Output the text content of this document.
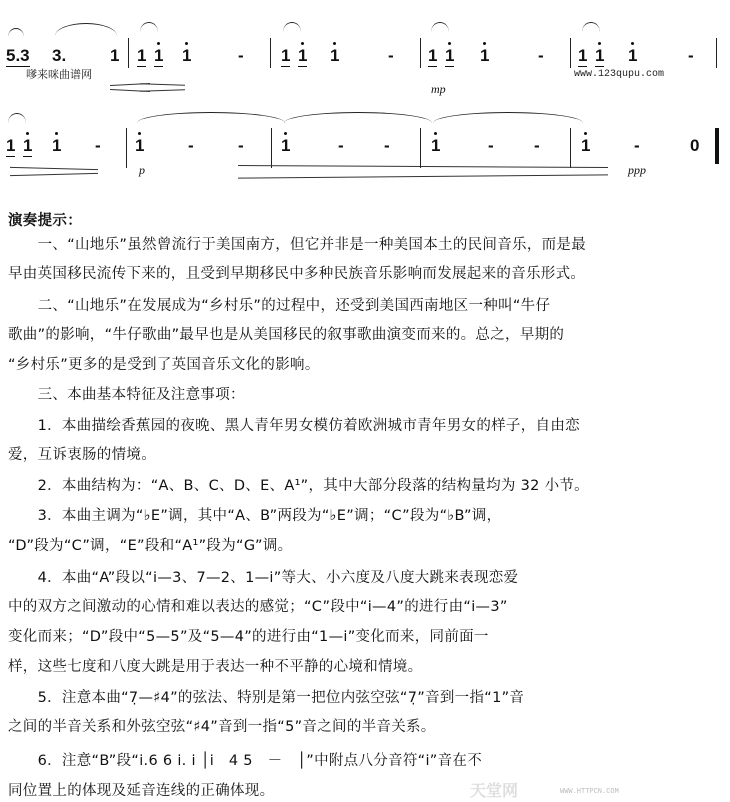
5.3 3.	1 1 1 1	- 1 1 1	- 1 1 1	- 1 1 1	-
1 1 1 - 1	-	- 1	- - 1	- - 1	-	0
嗲来咪曲谱网	www.123qupu.com
mp
p	ppp
演奏提示：
　　一、“山地乐”虽然曾流行于美国南方，但它并非是一种美国本土的民间音乐，而是最
早由英国移民流传下来的，且受到早期移民中多种民族音乐影响而发展起来的音乐形式。
　　二、“山地乐”在发展成为“乡村乐”的过程中，还受到美国西南地区一种叫“牛仔
歌曲”的影响，“牛仔歌曲”最早也是从美国移民的叙事歌曲演变而来的。总之，早期的
“乡村乐”更多的是受到了英国音乐文化的影响。
　　三、本曲基本特征及注意事项：
　　1．本曲描绘香蕉园的夜晚、黑人青年男女模仿着欧洲城市青年男女的样子，自由恋
爱，互诉衷肠的情境。
　　2．本曲结构为：“A、B、C、D、E、A¹”，其中大部分段落的结构量均为 32 小节。
　　3．本曲主调为“♭E”调，其中“A、B”两段为“♭E”调；“C”段为“♭B”调，
“D”段为“C”调，“E”段和“A¹”段为“G”调。
　　4．本曲“A”段以“i̇—3、7—2、1—i̇”等大、小六度及八度大跳来表现恋爱
中的双方之间激动的心情和难以表达的感觉；“C”段中“i̇—4”的进行由“i̇—3”
变化而来；“D”段中“5—5̇”及“5—4̇”的进行由“1—i̇”变化而来，同前面一
样，这些七度和八度大跳是用于表达一种不平静的心境和情境。
　　5．注意本曲“7̣—♯4”的弦法、特别是第一把位内弦空弦“7̣”音到一指“1”音
之间的半音关系和外弦空弦“♯4”音到一指“5”音之间的半音关系。
　　6．注意“B”段“i̇.6 6 i̇. i̇ │i̇　4 5　－　│”中附点八分音符“i̇”音在不
同位置上的体现及延音连线的正确体现。	天堂网	WWW.HTTPCN.COM
